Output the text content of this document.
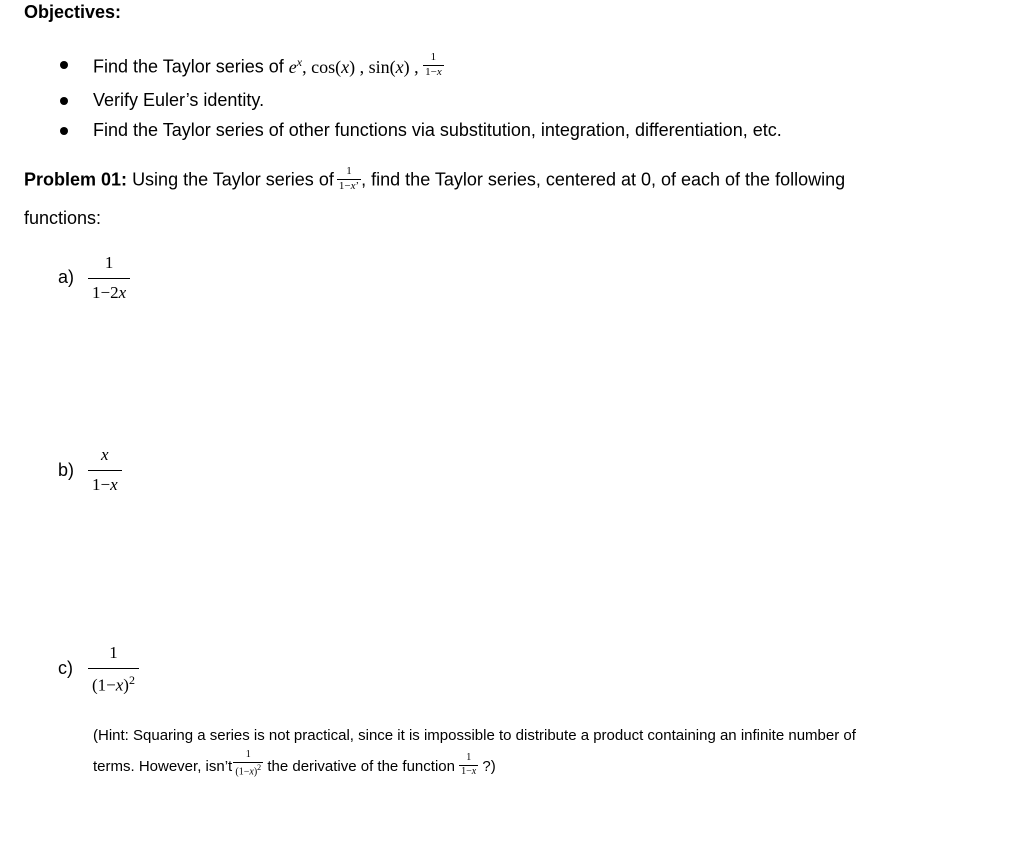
Objectives:
Find the Taylor series of $e^x$, cos(x) , sin(x) , $\frac{1}{1-x}$
Verify Euler’s identity.
Find the Taylor series of other functions via substitution, integration, differentiation, etc.
Problem 01: Using the Taylor series of $\frac{1}{1-x’}$ , find the Taylor series, centered at 0, of each of the following
functions:
$a) \frac{1}{1-2x}$
$b) \frac{x}{1-x}$
$c) \frac{1}{(1-x)^2}$
(Hint: Squaring a series is not practical, since it is impossible to distribute a product containing an infinite number of
terms. However, isn’t $\frac{1}{(1-x)^2}$ the derivative of the function $\frac{1}{1-x}$ ?)
